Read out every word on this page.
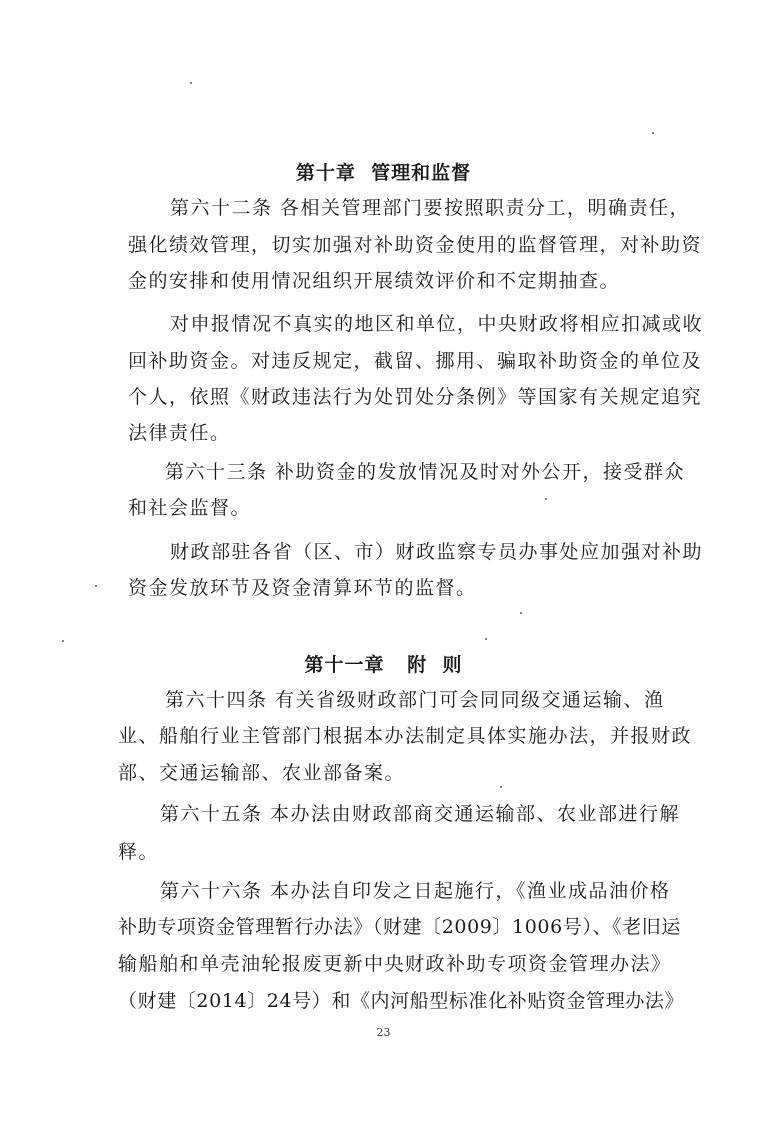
第十章  管理和监督
第六十二条 各相关管理部门要按照职责分工，明确责任，
强化绩效管理，切实加强对补助资金使用的监督管理，对补助资
金的安排和使用情况组织开展绩效评价和不定期抽查。
对申报情况不真实的地区和单位，中央财政将相应扣减或收
回补助资金。对违反规定，截留、挪用、骗取补助资金的单位及
个人，依照《财政违法行为处罚处分条例》等国家有关规定追究
法律责任。
第六十三条 补助资金的发放情况及时对外公开，接受群众
和社会监督。
财政部驻各省（区、市）财政监察专员办事处应加强对补助
资金发放环节及资金清算环节的监督。
第十一章   附  则
第六十四条 有关省级财政部门可会同同级交通运输、渔
业、船舶行业主管部门根据本办法制定具体实施办法，并报财政
部、交通运输部、农业部备案。
第六十五条 本办法由财政部商交通运输部、农业部进行解
释。
第六十六条 本办法自印发之日起施行，《渔业成品油价格
补助专项资金管理暂行办法》（财建〔2009〕1006号）、《老旧运
输船舶和单壳油轮报废更新中央财政补助专项资金管理办法》
（财建〔2014〕24号）和《内河船型标准化补贴资金管理办法》
23
